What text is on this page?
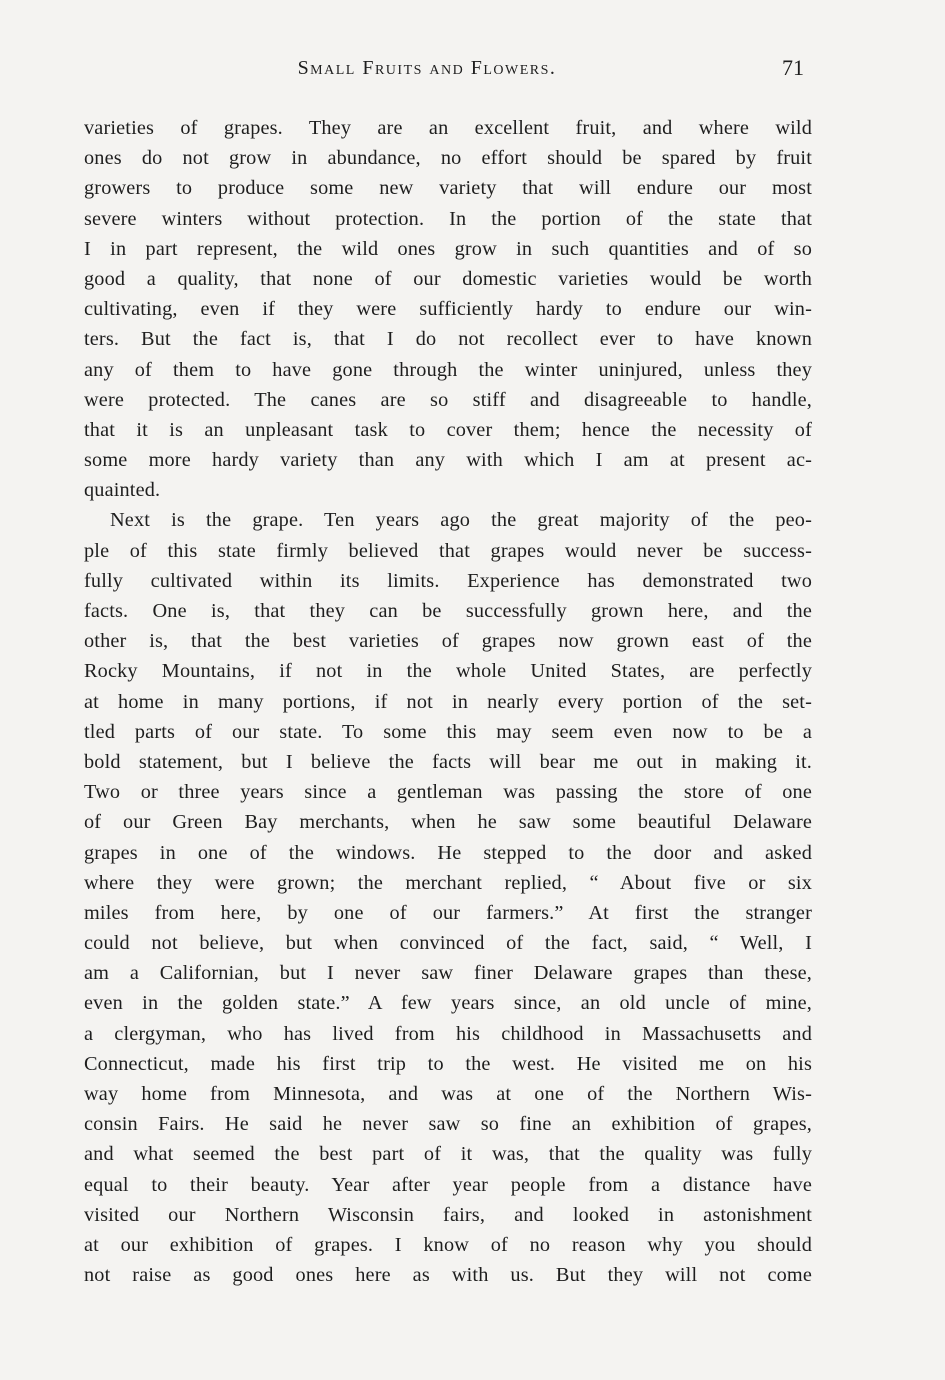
Small Fruits and Flowers.	71
varieties of grapes. They are an excellent fruit, and where wild
ones do not grow in abundance, no effort should be spared by fruit
growers to produce some new variety that will endure our most
severe winters without protection. In the portion of the state that
I in part represent, the wild ones grow in such quantities and of so
good a quality, that none of our domestic varieties would be worth
cultivating, even if they were sufficiently hardy to endure our win-
ters. But the fact is, that I do not recollect ever to have known
any of them to have gone through the winter uninjured, unless they
were protected. The canes are so stiff and disagreeable to handle,
that it is an unpleasant task to cover them; hence the necessity of
some more hardy variety than any with which I am at present ac-
quainted.
Next is the grape. Ten years ago the great majority of the peo-
ple of this state firmly believed that grapes would never be success-
fully cultivated within its limits. Experience has demonstrated two
facts. One is, that they can be successfully grown here, and the
other is, that the best varieties of grapes now grown east of the
Rocky Mountains, if not in the whole United States, are perfectly
at home in many portions, if not in nearly every portion of the set-
tled parts of our state. To some this may seem even now to be a
bold statement, but I believe the facts will bear me out in making it.
Two or three years since a gentleman was passing the store of one
of our Green Bay merchants, when he saw some beautiful Delaware
grapes in one of the windows. He stepped to the door and asked
where they were grown; the merchant replied, “ About five or six
miles from here, by one of our farmers.” At first the stranger
could not believe, but when convinced of the fact, said, “ Well, I
am a Californian, but I never saw finer Delaware grapes than these,
even in the golden state.” A few years since, an old uncle of mine,
a clergyman, who has lived from his childhood in Massachusetts and
Connecticut, made his first trip to the west. He visited me on his
way home from Minnesota, and was at one of the Northern Wis-
consin Fairs. He said he never saw so fine an exhibition of grapes,
and what seemed the best part of it was, that the quality was fully
equal to their beauty. Year after year people from a distance have
visited our Northern Wisconsin fairs, and looked in astonishment
at our exhibition of grapes. I know of no reason why you should
not raise as good ones here as with us. But they will not come
